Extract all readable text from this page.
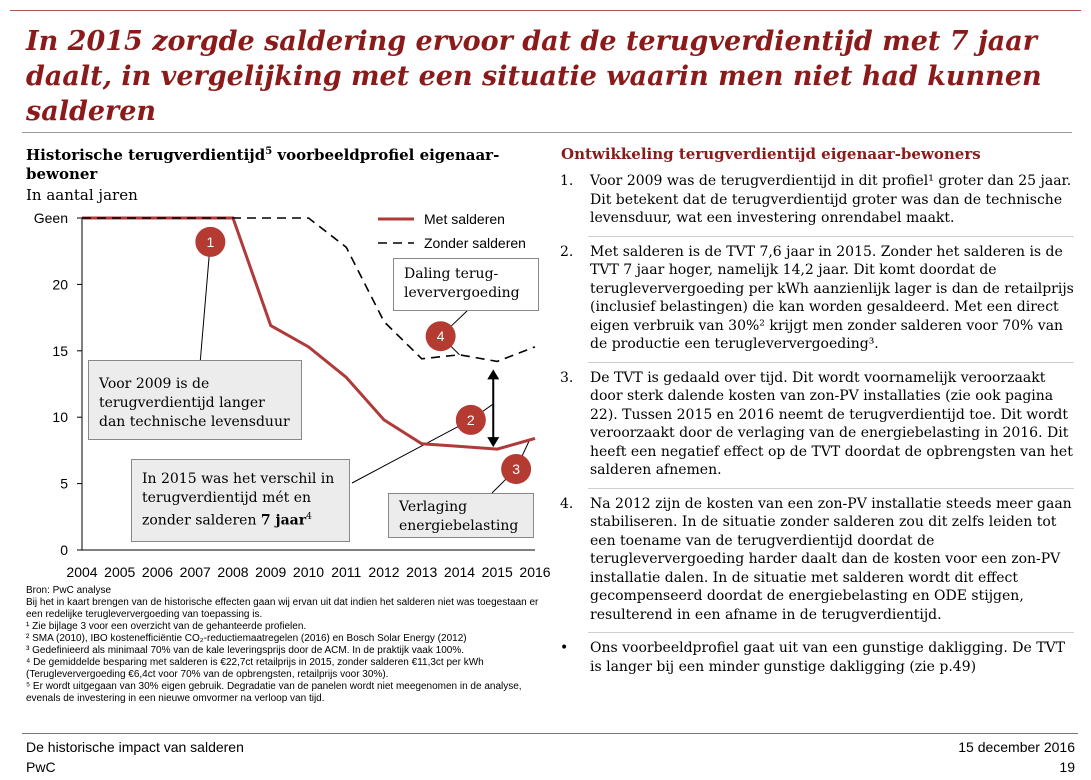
In 2015 zorgde saldering ervoor dat de terugverdientijd met 7 jaar daalt, in vergelijking met een situatie waarin men niet had kunnen salderen
Historische terugverdientijd$^5$ voorbeeldprofiel eigenaar-bewoner
In aantal jaren
2004 2005 2006 2007 2008 2009 2010 2011 2012 2013 2014 2015 2016
0
5
10
15
20
Geen
1
2
3
4
Met salderen
Zonder salderen
Voor 2009 is de terugverdientijd langer dan technische levensduur
In 2015 was het verschil in terugverdientijd mét en zonder salderen 7 jaar$^4$
Verlaging energiebelasting
Daling terug-leververgoeding
Bron: PwC analyse
Bij het in kaart brengen van de historische effecten gaan wij ervan uit dat indien het salderen niet was toegestaan er een redelijke terugleververgoeding van toepassing is.
¹ Zie bijlage 3 voor een overzicht van de gehanteerde profielen.
² SMA (2010), IBO kostenefficiëntie CO₂-reductiemaatregelen (2016) en Bosch Solar Energy (2012)
³ Gedefinieerd als minimaal 70% van de kale leveringsprijs door de ACM. In de praktijk vaak 100%.
⁴ De gemiddelde besparing met salderen is €22,7ct retailprijs in 2015, zonder salderen €11,3ct per kWh (Terugleververgoeding €6,4ct voor 70% van de opbrengsten, retailprijs voor 30%).
⁵ Er wordt uitgegaan van 30% eigen gebruik. Degradatie van de panelen wordt niet meegenomen in de analyse, evenals de investering in een nieuwe omvormer na verloop van tijd.
Ontwikkeling terugverdientijd eigenaar-bewoners
1.	Voor 2009 was de terugverdientijd in dit profiel¹ groter dan 25 jaar. Dit betekent dat de terugverdientijd groter was dan de technische levensduur, wat een investering onrendabel maakt.
2.	Met salderen is de TVT 7,6 jaar in 2015. Zonder het salderen is de TVT 7 jaar hoger, namelijk 14,2 jaar. Dit komt doordat de terugleververgoeding per kWh aanzienlijk lager is dan de retailprijs (inclusief belastingen) die kan worden gesaldeerd. Met een direct eigen verbruik van 30%² krijgt men zonder salderen voor 70% van de productie een terugleververgoeding³.
3.	De TVT is gedaald over tijd. Dit wordt voornamelijk veroorzaakt door sterk dalende kosten van zon-PV installaties (zie ook pagina 22). Tussen 2015 en 2016 neemt de terugverdientijd toe. Dit wordt veroorzaakt door de verlaging van de energiebelasting in 2016. Dit heeft een negatief effect op de TVT doordat de opbrengsten van het salderen afnemen.
4.	Na 2012 zijn de kosten van een zon-PV installatie steeds meer gaan stabiliseren. In de situatie zonder salderen zou dit zelfs leiden tot een toename van de terugverdientijd doordat de terugleververgoeding harder daalt dan de kosten voor een zon-PV installatie dalen. In de situatie met salderen wordt dit effect gecompenseerd doordat de energiebelasting en ODE stijgen, resulterend in een afname in de terugverdientijd.
•	Ons voorbeeldprofiel gaat uit van een gunstige dakligging. De TVT is langer bij een minder gunstige dakligging (zie p.49)
De historische impact van salderen
PwC
15 december 2016
19
